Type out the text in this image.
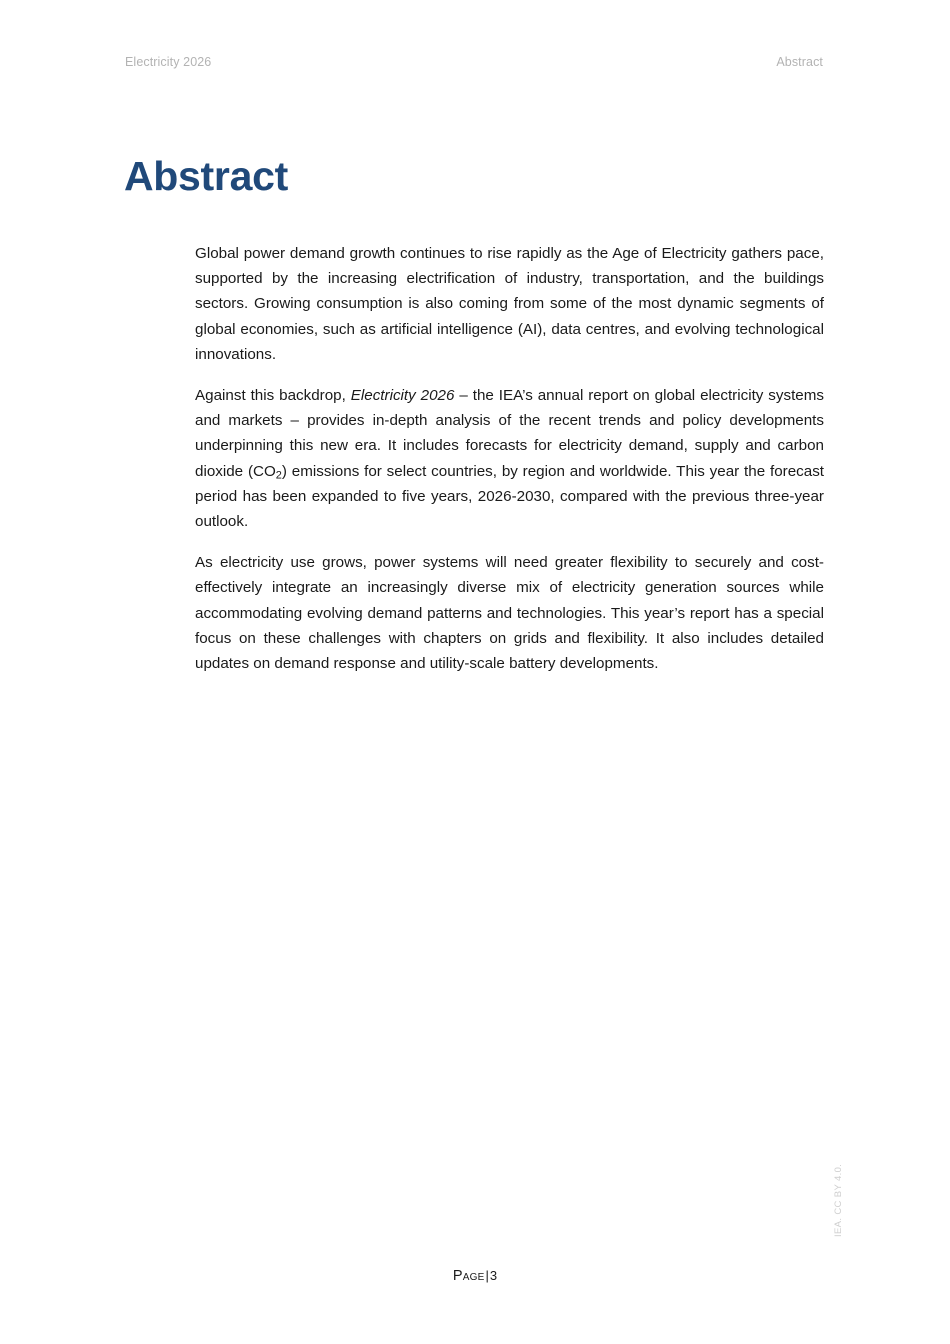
Electricity 2026	Abstract
Abstract

Global power demand growth continues to rise rapidly as the Age of Electricity gathers pace, supported by the increasing electrification of industry, transportation, and the buildings sectors. Growing consumption is also coming from some of the most dynamic segments of global economies, such as artificial intelligence (AI), data centres, and evolving technological innovations.

Against this backdrop, Electricity 2026 – the IEA’s annual report on global electricity systems and markets – provides in-depth analysis of the recent trends and policy developments underpinning this new era. It includes forecasts for electricity demand, supply and carbon dioxide $(CO_2)$ emissions for select countries, by region and worldwide. This year the forecast period has been expanded to five years, 2026-2030, compared with the previous three-year outlook.

As electricity use grows, power systems will need greater flexibility to securely and cost-effectively integrate an increasingly diverse mix of electricity generation sources while accommodating evolving demand patterns and technologies. This year’s report has a special focus on these challenges with chapters on grids and flexibility. It also includes detailed updates on demand response and utility-scale battery developments.

Page|3
IEA. CC BY 4.0.
